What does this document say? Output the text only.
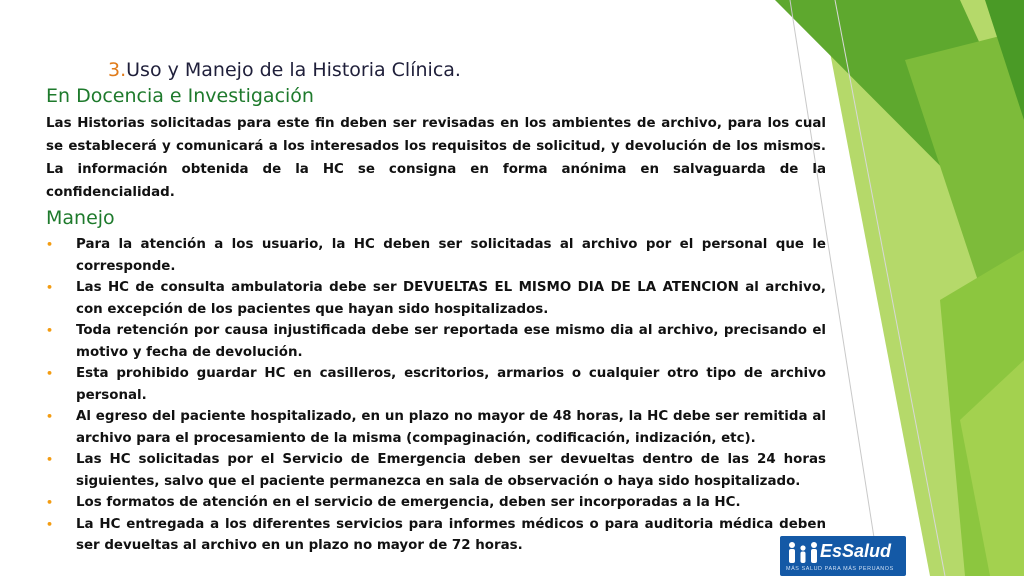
3.Uso y Manejo de la Historia Clínica.
En Docencia e Investigación

Las Historias solicitadas para este fin deben ser revisadas en los ambientes de archivo, para los cual se establecerá y comunicará a los interesados los requisitos de solicitud, y devolución de los mismos. La información obtenida de la HC se consigna en forma anónima en salvaguarda de la confidencialidad.

Manejo
• Para la atención a los usuario, la HC deben ser solicitadas al archivo por el personal que le corresponde.
• Las HC de consulta ambulatoria debe ser DEVUELTAS EL MISMO DIA DE LA ATENCION al archivo, con excepción de los pacientes que hayan sido hospitalizados.
• Toda retención por causa injustificada debe ser reportada ese mismo dia al archivo, precisando el motivo y fecha de devolución.
• Esta prohibido guardar HC en casilleros, escritorios, armarios o cualquier otro tipo de archivo personal.
• Al egreso del paciente hospitalizado, en un plazo no mayor de 48 horas, la HC debe ser remitida al archivo para el procesamiento de la misma (compaginación, codificación, indización, etc).
• Las HC solicitadas por el Servicio de Emergencia deben ser devueltas dentro de las 24 horas siguientes, salvo que el paciente permanezca en sala de observación o haya sido hospitalizado.
• Los formatos de atención en el servicio de emergencia, deben ser incorporadas a la HC.
• La HC entregada a los diferentes servicios para informes médicos o para auditoria médica deben ser devueltas al archivo en un plazo no mayor de 72 horas.	EsSalud
MÁS SALUD PARA MÁS PERUANOS
